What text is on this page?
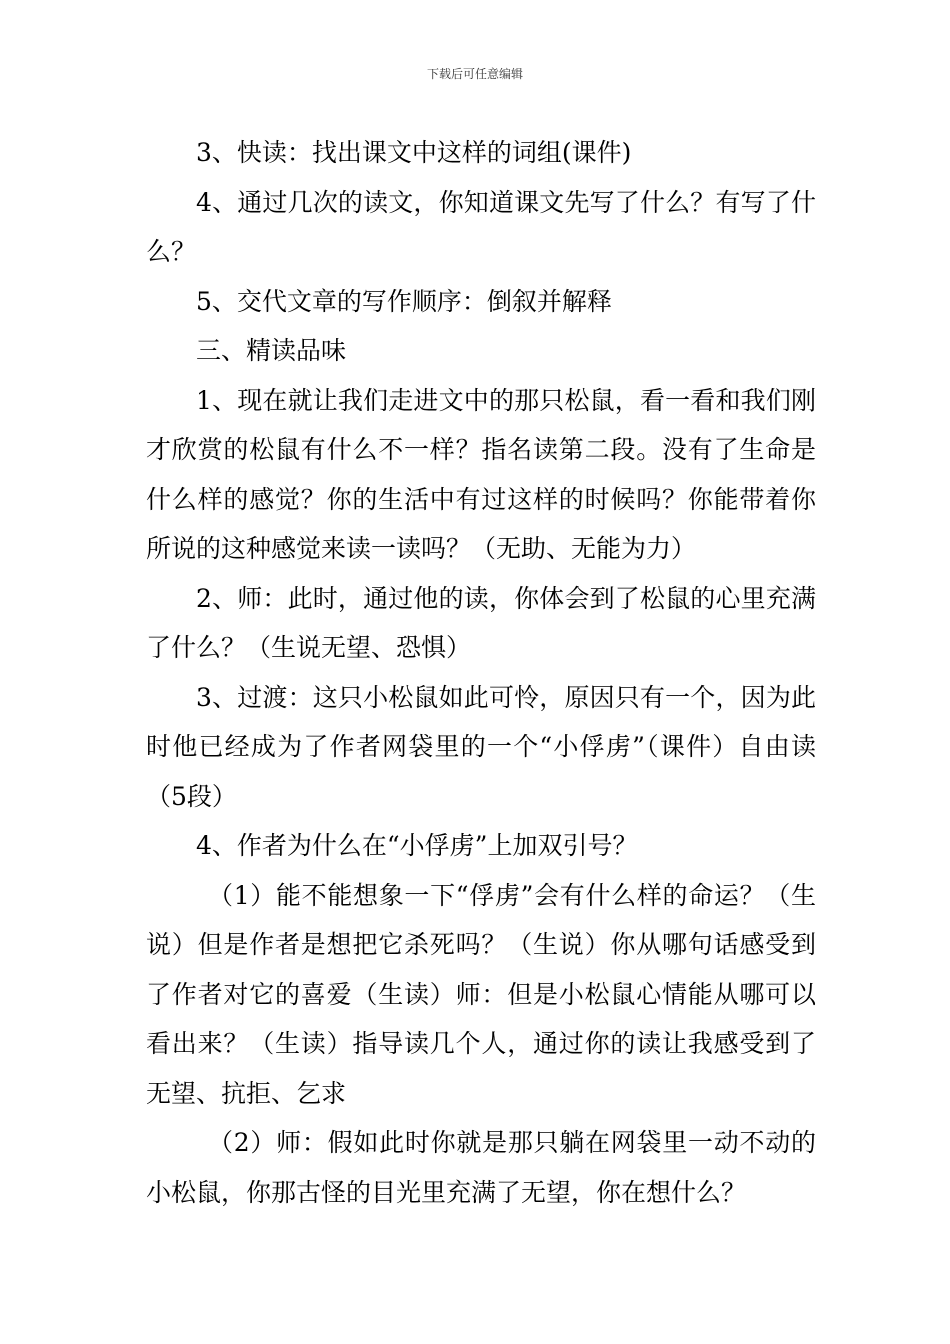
下载后可任意编辑

3、快读：找出课文中这样的词组(课件)

4、通过几次的读文，你知道课文先写了什么？有写了什么？

5、交代文章的写作顺序：倒叙并解释

三、精读品味

1、现在就让我们走进文中的那只松鼠，看一看和我们刚才欣赏的松鼠有什么不一样？指名读第二段。没有了生命是什么样的感觉？你的生活中有过这样的时候吗？你能带着你所说的这种感觉来读一读吗？（无助、无能为力）

2、师：此时，通过他的读，你体会到了松鼠的心里充满了什么？（生说无望、恐惧）

3、过渡：这只小松鼠如此可怜，原因只有一个，因为此时他已经成为了作者网袋里的一个“小俘虏”（课件）自由读（5段）

4、作者为什么在“小俘虏”上加双引号？

（1）能不能想象一下“俘虏”会有什么样的命运？（生说）但是作者是想把它杀死吗？（生说）你从哪句话感受到了作者对它的喜爱（生读）师：但是小松鼠心情能从哪可以看出来？（生读）指导读几个人，通过你的读让我感受到了无望、抗拒、乞求

（2）师：假如此时你就是那只躺在网袋里一动不动的小松鼠，你那古怪的目光里充满了无望，你在想什么？
